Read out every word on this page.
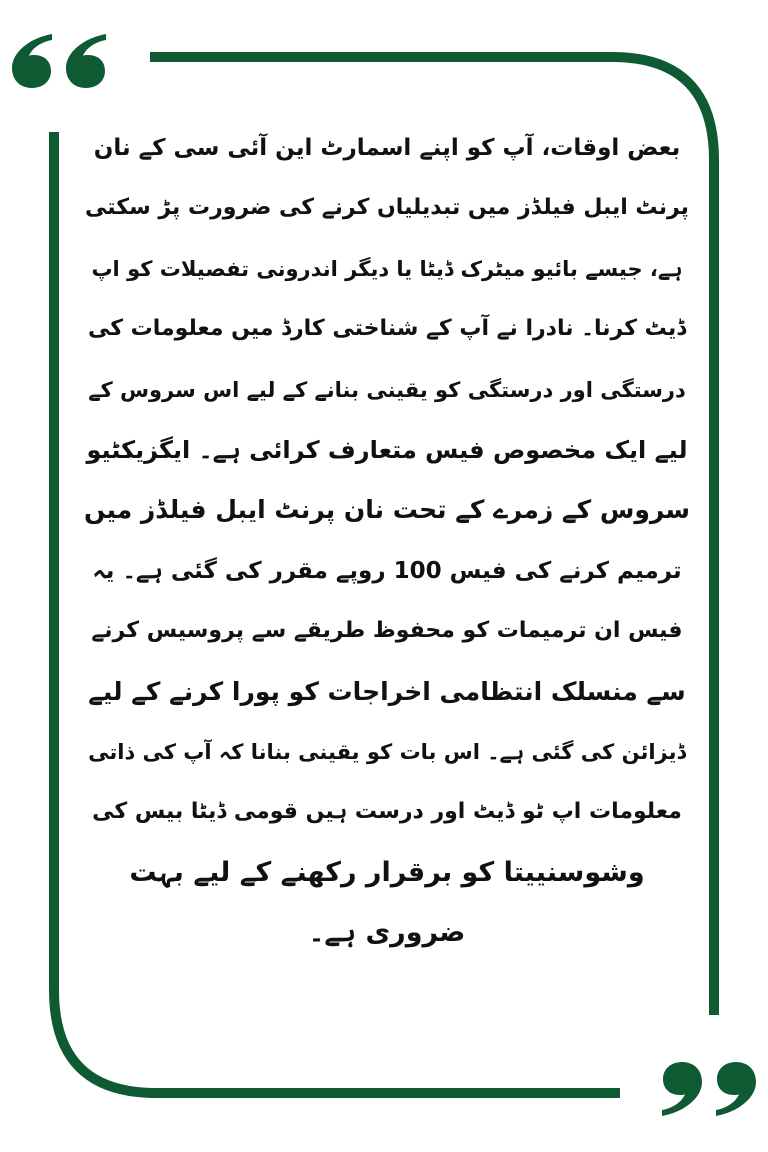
بعض اوقات، آپ کو اپنے اسمارٹ این آئی سی کے نان
پرنٹ ایبل فیلڈز میں تبدیلیاں کرنے کی ضرورت پڑ سکتی
ہے، جیسے بائیو میٹرک ڈیٹا یا دیگر اندرونی تفصیلات کو اپ
ڈیٹ کرنا۔ نادرا نے آپ کے شناختی کارڈ میں معلومات کی
درستگی اور درستگی کو یقینی بنانے کے لیے اس سروس کے
لیے ایک مخصوص فیس متعارف کرائی ہے۔ ایگزیکٹیو
سروس کے زمرے کے تحت نان پرنٹ ایبل فیلڈز میں
ترمیم کرنے کی فیس 100 روپے مقرر کی گئی ہے۔ یہ
فیس ان ترمیمات کو محفوظ طریقے سے پروسیس کرنے
سے منسلک انتظامی اخراجات کو پورا کرنے کے لیے
ڈیزائن کی گئی ہے۔ اس بات کو یقینی بنانا کہ آپ کی ذاتی
معلومات اپ ٹو ڈیٹ اور درست ہیں قومی ڈیٹا بیس کی
وشوسنییتا کو برقرار رکھنے کے لیے بہت
ضروری ہے۔
